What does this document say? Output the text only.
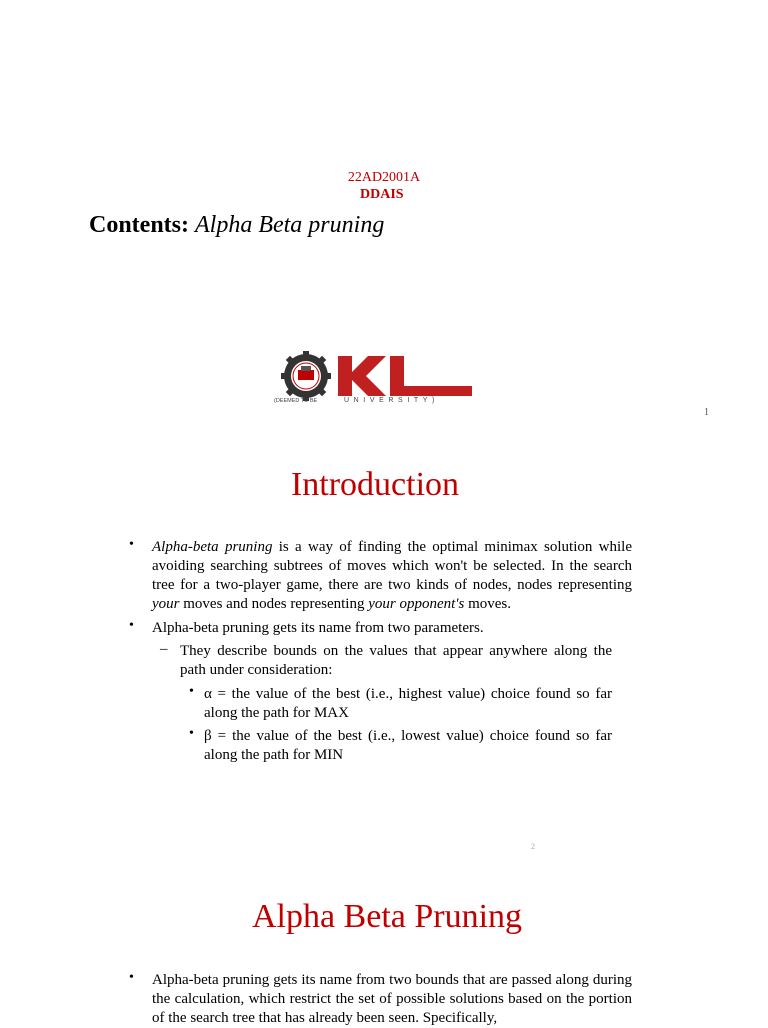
22AD2001A
DDAIS
Contents: Alpha Beta pruning
(DEEMED TO BE	UNIVERSITY)
1
Introduction
• Alpha-beta pruning is a way of finding the optimal minimax solution while avoiding searching subtrees of moves which won't be selected. In the search tree for a two-player game, there are two kinds of nodes, nodes representing your moves and nodes representing your opponent's moves.
• Alpha-beta pruning gets its name from two parameters.
– They describe bounds on the values that appear anywhere along the path under consideration:
• α = the value of the best (i.e., highest value) choice found so far along the path for MAX
• β = the value of the best (i.e., lowest value) choice found so far along the path for MIN
2
Alpha Beta Pruning
• Alpha-beta pruning gets its name from two bounds that are passed along during the calculation, which restrict the set of possible solutions based on the portion of the search tree that has already been seen. Specifically,
